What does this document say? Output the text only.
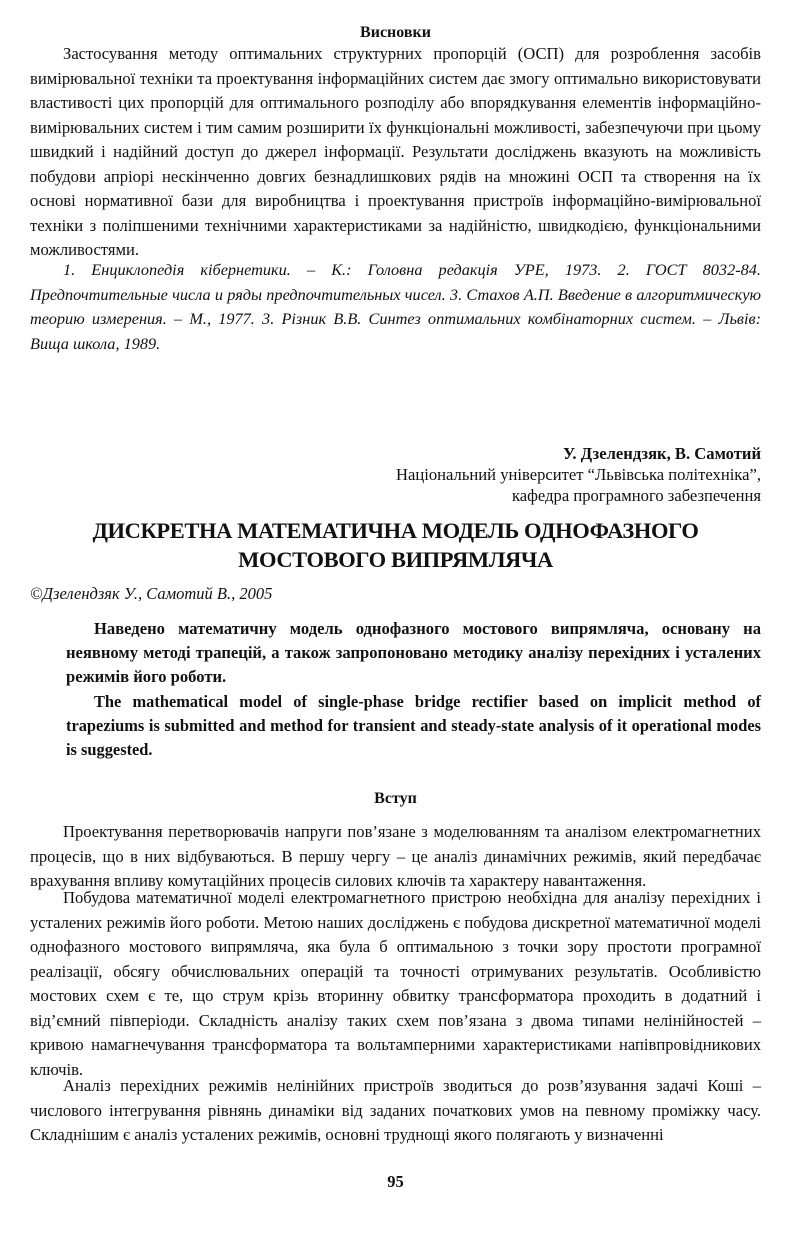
Висновки

Застосування методу оптимальних структурних пропорцій (ОСП) для розроблення засобів вимірювальної техніки та проектування інформаційних систем дає змогу оптимально використовувати властивості цих пропорцій для оптимального розподілу або впорядкування елементів інформаційно-вимірювальних систем і тим самим розширити їх функціональні можливості, забезпечуючи при цьому швидкий і надійний доступ до джерел інформації. Результати досліджень вказують на можливість побудови апріорі нескінченно довгих безнадлишкових рядів на множині ОСП та створення на їх основі нормативної бази для виробництва і проектування пристроїв інформаційно-вимірювальної техніки з поліпшеними технічними характеристиками за надійністю, швидкодією, функціональними можливостями.

1. Енциклопедія кібернетики. – К.: Головна редакція УРЕ, 1973. 2. ГОСТ 8032-84. Предпочтительные числа и ряды предпочтительных чисел. 3. Стахов А.П. Введение в алгоритмическую теорию измерения. – М., 1977. 3. Різник В.В. Синтез оптимальних комбінаторних систем. – Львів: Вища школа, 1989.

У. Дзелендзяк, В. Самотий
Національний університет “Львівська політехніка”,
кафедра програмного забезпечення
ДИСКРЕТНА МАТЕМАТИЧНА МОДЕЛЬ ОДНОФАЗНОГО МОСТОВОГО ВИПРЯМЛЯЧА
©Дзелендзяк У., Самотий В., 2005

Наведено математичну модель однофазного мостового випрямляча, основану на неявному методі трапецій, а також запропоновано методику аналізу перехідних і усталених режимів його роботи.

The mathematical model of single-phase bridge rectifier based on implicit method of trapeziums is submitted and method for transient and steady-state analysis of it operational modes is suggested.

Вступ

Проектування перетворювачів напруги пов’язане з моделюванням та аналізом електромагнетних процесів, що в них відбуваються. В першу чергу – це аналіз динамічних режимів, який передбачає врахування впливу комутаційних процесів силових ключів та характеру навантаження.

Побудова математичної моделі електромагнетного пристрою необхідна для аналізу перехідних і усталених режимів його роботи. Метою наших досліджень є побудова дискретної математичної моделі однофазного мостового випрямляча, яка була б оптимальною з точки зору простоти програмної реалізації, обсягу обчислювальних операцій та точності отримуваних результатів. Особливістю мостових схем є те, що струм крізь вторинну обвитку трансформатора проходить в додатний і від’ємний півперіоди. Складність аналізу таких схем пов’язана з двома типами нелінійностей – кривою намагнечування трансформатора та вольтамперними характеристиками напівпровідникових ключів.

Аналіз перехідних режимів нелінійних пристроїв зводиться до розв’язування задачі Коші – числового інтегрування рівнянь динаміки від заданих початкових умов на певному проміжку часу. Складнішим є аналіз усталених режимів, основні труднощі якого полягають у визначенні

95
